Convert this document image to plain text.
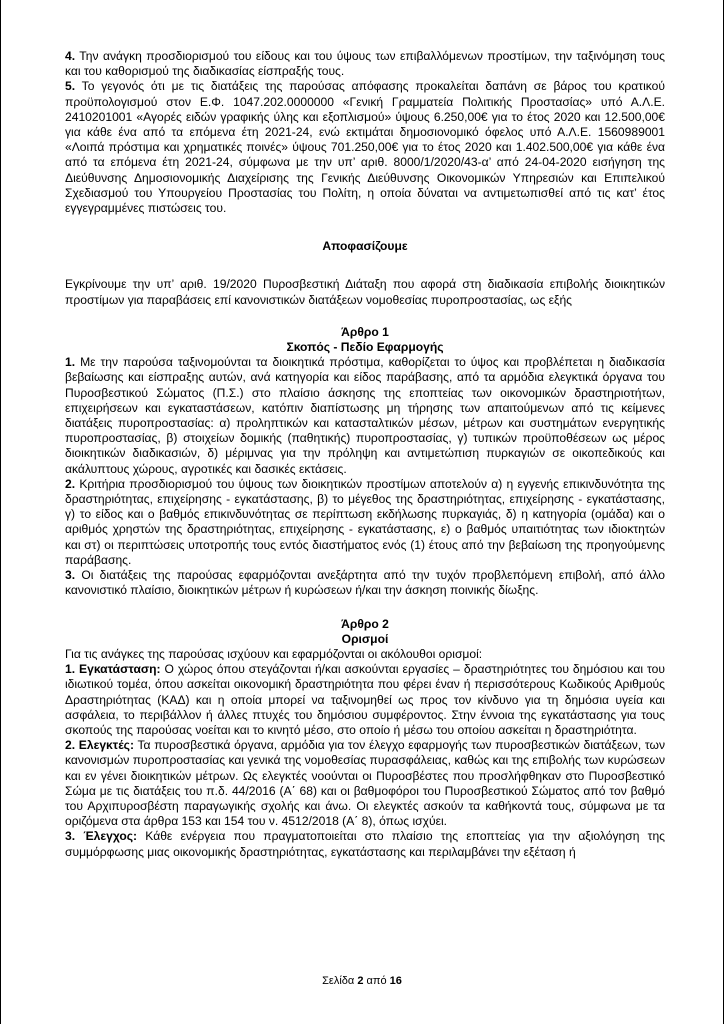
4. Την ανάγκη προσδιορισμού του είδους και του ύψους των επιβαλλόμενων προστίμων, την ταξινόμηση τους και του καθορισμού της διαδικασίας είσπραξής τους.

5. Το γεγονός ότι με τις διατάξεις της παρούσας απόφασης προκαλείται δαπάνη σε βάρος του κρατικού προϋπολογισμού στον Ε.Φ. 1047.202.0000000 «Γενική Γραμματεία Πολιτικής Προστασίας» υπό Α.Λ.Ε. 2410201001 «Αγορές ειδών γραφικής ύλης και εξοπλισμού» ύψους 6.250,00€ για το έτος 2020 και 12.500,00€ για κάθε ένα από τα επόμενα έτη 2021-24, ενώ εκτιμάται δημοσιονομικό όφελος υπό Α.Λ.Ε. 1560989001 «Λοιπά πρόστιμα και χρηματικές ποινές» ύψους 701.250,00€ για το έτος 2020 και 1.402.500,00€ για κάθε ένα από τα επόμενα έτη 2021-24, σύμφωνα με την υπ’ αριθ. 8000/1/2020/43-α’ από 24-04-2020 εισήγηση της Διεύθυνσης Δημοσιονομικής Διαχείρισης της Γενικής Διεύθυνσης Οικονομικών Υπηρεσιών και Επιπελικού Σχεδιασμού του Υπουργείου Προστασίας του Πολίτη, η οποία δύναται να αντιμετωπισθεί από τις κατ’ έτος εγγεγραμμένες πιστώσεις του.

Αποφασίζουμε

Εγκρίνουμε την υπ’ αριθ. 19/2020 Πυροσβεστική Διάταξη που αφορά στη διαδικασία επιβολής διοικητικών προστίμων για παραβάσεις επί κανονιστικών διατάξεων νομοθεσίας πυροπροστασίας, ως εξής

Άρθρο 1

Σκοπός - Πεδίο Εφαρμογής

1. Με την παρούσα ταξινομούνται τα διοικητικά πρόστιμα, καθορίζεται το ύψος και προβλέπεται η διαδικασία βεβαίωσης και είσπραξης αυτών, ανά κατηγορία και είδος παράβασης, από τα αρμόδια ελεγκτικά όργανα του Πυροσβεστικού Σώματος (Π.Σ.) στο πλαίσιο άσκησης της εποπτείας των οικονομικών δραστηριοτήτων, επιχειρήσεων και εγκαταστάσεων, κατόπιν διαπίστωσης μη τήρησης των απαιτούμενων από τις κείμενες διατάξεις πυροπροστασίας: α) προληπτικών και κατασταλτικών μέσων, μέτρων και συστημάτων ενεργητικής πυροπροστασίας, β) στοιχείων δομικής (παθητικής) πυροπροστασίας, γ) τυπικών προϋποθέσεων ως μέρος διοικητικών διαδικασιών, δ) μέριμνας για την πρόληψη και αντιμετώπιση πυρκαγιών σε οικοπεδικούς και ακάλυπτους χώρους, αγροτικές και δασικές εκτάσεις.

2. Κριτήρια προσδιορισμού του ύψους των διοικητικών προστίμων αποτελούν α) η εγγενής επικινδυνότητα της δραστηριότητας, επιχείρησης - εγκατάστασης, β) το μέγεθος της δραστηριότητας, επιχείρησης - εγκατάστασης, γ) το είδος και ο βαθμός επικινδυνότητας σε περίπτωση εκδήλωσης πυρκαγιάς, δ) η κατηγορία (ομάδα) και ο αριθμός χρηστών της δραστηριότητας, επιχείρησης - εγκατάστασης, ε) ο βαθμός υπαιτιότητας των ιδιοκτητών και στ) οι περιπτώσεις υποτροπής τους εντός διαστήματος ενός (1) έτους από την βεβαίωση της προηγούμενης παράβασης.

3. Οι διατάξεις της παρούσας εφαρμόζονται ανεξάρτητα από την τυχόν προβλεπόμενη επιβολή, από άλλο κανονιστικό πλαίσιο, διοικητικών μέτρων ή κυρώσεων ή/και την άσκηση ποινικής δίωξης.

Άρθρο 2

Ορισμοί

Για τις ανάγκες της παρούσας ισχύουν και εφαρμόζονται οι ακόλουθοι ορισμοί:

1. Εγκατάσταση: Ο χώρος όπου στεγάζονται ή/και ασκούνται εργασίες – δραστηριότητες του δημόσιου και του ιδιωτικού τομέα, όπου ασκείται οικονομική δραστηριότητα που φέρει έναν ή περισσότερους Κωδικούς Αριθμούς Δραστηριότητας (ΚΑΔ) και η οποία μπορεί να ταξινομηθεί ως προς τον κίνδυνο για τη δημόσια υγεία και ασφάλεια, το περιβάλλον ή άλλες πτυχές του δημόσιου συμφέροντος. Στην έννοια της εγκατάστασης για τους σκοπούς της παρούσας νοείται και το κινητό μέσο, στο οποίο ή μέσω του οποίου ασκείται η δραστηριότητα.

2. Ελεγκτές: Τα πυροσβεστικά όργανα, αρμόδια για τον έλεγχο εφαρμογής των πυροσβεστικών διατάξεων, των κανονισμών πυροπροστασίας και γενικά της νομοθεσίας πυρασφάλειας, καθώς και της επιβολής των κυρώσεων και εν γένει διοικητικών μέτρων. Ως ελεγκτές νοούνται οι Πυροσβέστες που προσλήφθηκαν στο Πυροσβεστικό Σώμα με τις διατάξεις του π.δ. 44/2016 (Α΄ 68) και οι βαθμοφόροι του Πυροσβεστικού Σώματος από τον βαθμό του Αρχιπυροσβέστη παραγωγικής σχολής και άνω. Οι ελεγκτές ασκούν τα καθήκοντά τους, σύμφωνα με τα οριζόμενα στα άρθρα 153 και 154 του ν. 4512/2018 (Α΄ 8), όπως ισχύει.

3. Έλεγχος: Κάθε ενέργεια που πραγματοποιείται στο πλαίσιο της εποπτείας για την αξιολόγηση της συμμόρφωσης μιας οικονομικής δραστηριότητας, εγκατάστασης και περιλαμβάνει την εξέταση ή

Σελίδα 2 από 16
